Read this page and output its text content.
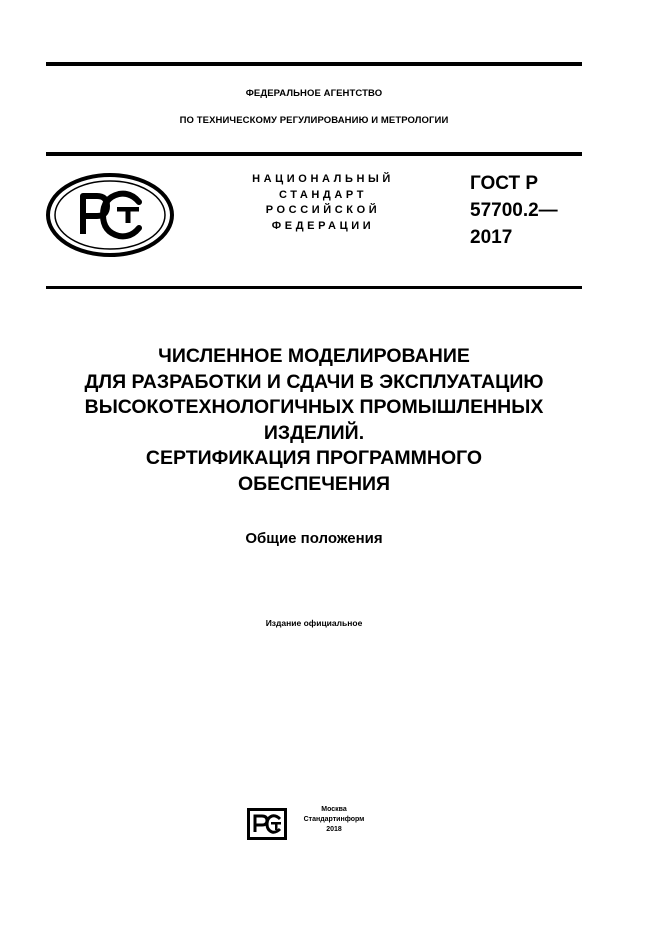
ФЕДЕРАЛЬНОЕ АГЕНТСТВО
ПО ТЕХНИЧЕСКОМУ РЕГУЛИРОВАНИЮ И МЕТРОЛОГИИ
НАЦИОНАЛЬНЫЙ
СТАНДАРТ
РОССИЙСКОЙ
ФЕДЕРАЦИИ
ГОСТ Р
57700.2—
2017
ЧИСЛЕННОЕ МОДЕЛИРОВАНИЕ
ДЛЯ РАЗРАБОТКИ И СДАЧИ В ЭКСПЛУАТАЦИЮ
ВЫСОКОТЕХНОЛОГИЧНЫХ ПРОМЫШЛЕННЫХ
ИЗДЕЛИЙ.
СЕРТИФИКАЦИЯ ПРОГРАММНОГО
ОБЕСПЕЧЕНИЯ
Общие положения
Издание официальное
Москва
Стандартинформ
2018
